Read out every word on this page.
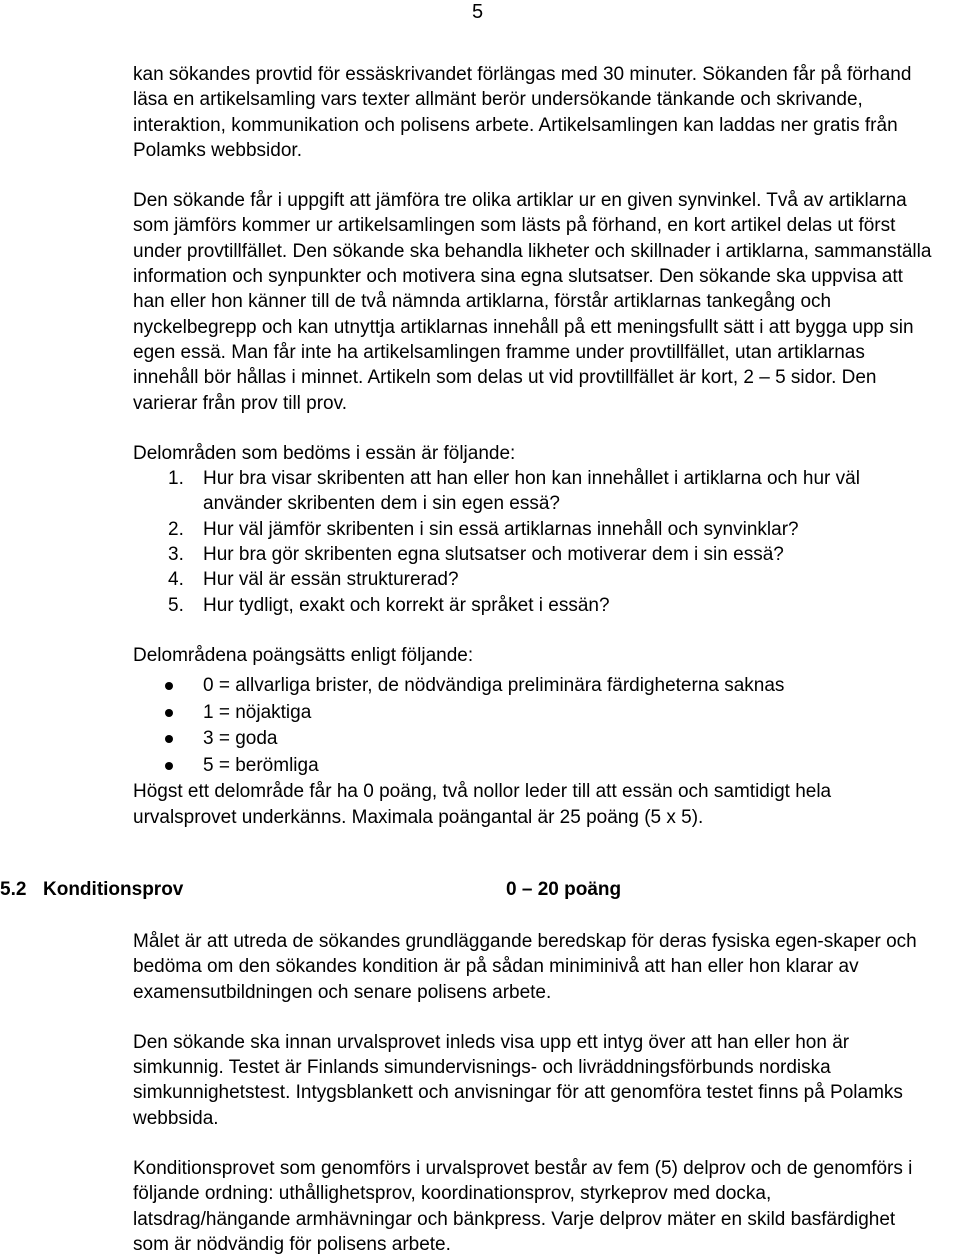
5

kan sökandes provtid för essäskrivandet förlängas med 30 minuter. Sökanden får på förhand läsa en artikelsamling vars texter allmänt berör undersökande tänkande och skrivande, interaktion, kommunikation och polisens arbete. Artikelsamlingen kan laddas ner gratis från Polamks webbsidor.

Den sökande får i uppgift att jämföra tre olika artiklar ur en given synvinkel. Två av artiklarna som jämförs kommer ur artikelsamlingen som lästs på förhand, en kort artikel delas ut först under provtillfället. Den sökande ska behandla likheter och skillnader i artiklarna, sammanställa information och synpunkter och motivera sina egna slutsatser. Den sökande ska uppvisa att han eller hon känner till de två nämnda artiklarna, förstår artiklarnas tankegång och nyckelbegrepp och kan utnyttja artiklarnas innehåll på ett meningsfullt sätt i att bygga upp sin egen essä. Man får inte ha artikelsamlingen framme under provtillfället, utan artiklarnas innehåll bör hållas i minnet. Artikeln som delas ut vid provtillfället är kort, 2 – 5 sidor. Den varierar från prov till prov.

Delområden som bedöms i essän är följande:

1. Hur bra visar skribenten att han eller hon kan innehållet i artiklarna och hur väl använder skribenten dem i sin egen essä?
2. Hur väl jämför skribenten i sin essä artiklarnas innehåll och synvinklar?
3. Hur bra gör skribenten egna slutsatser och motiverar dem i sin essä?
4. Hur väl är essän strukturerad?
5. Hur tydligt, exakt och korrekt är språket i essän?

Delområdena poängsätts enligt följande:

0 = allvarliga brister, de nödvändiga preliminära färdigheterna saknas
1 = nöjaktiga
3 = goda
5 = berömliga

Högst ett delområde får ha 0 poäng, två nollor leder till att essän och samtidigt hela urvalsprovet underkänns. Maximala poängantal är 25 poäng (5 x 5).

5.2 Konditionsprov	0 – 20 poäng

Målet är att utreda de sökandes grundläggande beredskap för deras fysiska egen-skaper och bedöma om den sökandes kondition är på sådan miniminivå att han eller hon klarar av examensutbildningen och senare polisens arbete.

Den sökande ska innan urvalsprovet inleds visa upp ett intyg över att han eller hon är simkunnig. Testet är Finlands simundervisnings- och livräddningsförbunds nordiska simkunnighetstest. Intygsblankett och anvisningar för att genomföra testet finns på Polamks webbsida.

Konditionsprovet som genomförs i urvalsprovet består av fem (5) delprov och de genomförs i följande ordning: uthållighetsprov, koordinationsprov, styrkeprov med docka, latsdrag/hängande armhävningar och bänkpress. Varje delprov mäter en skild basfärdighet som är nödvändig för polisens arbete.
